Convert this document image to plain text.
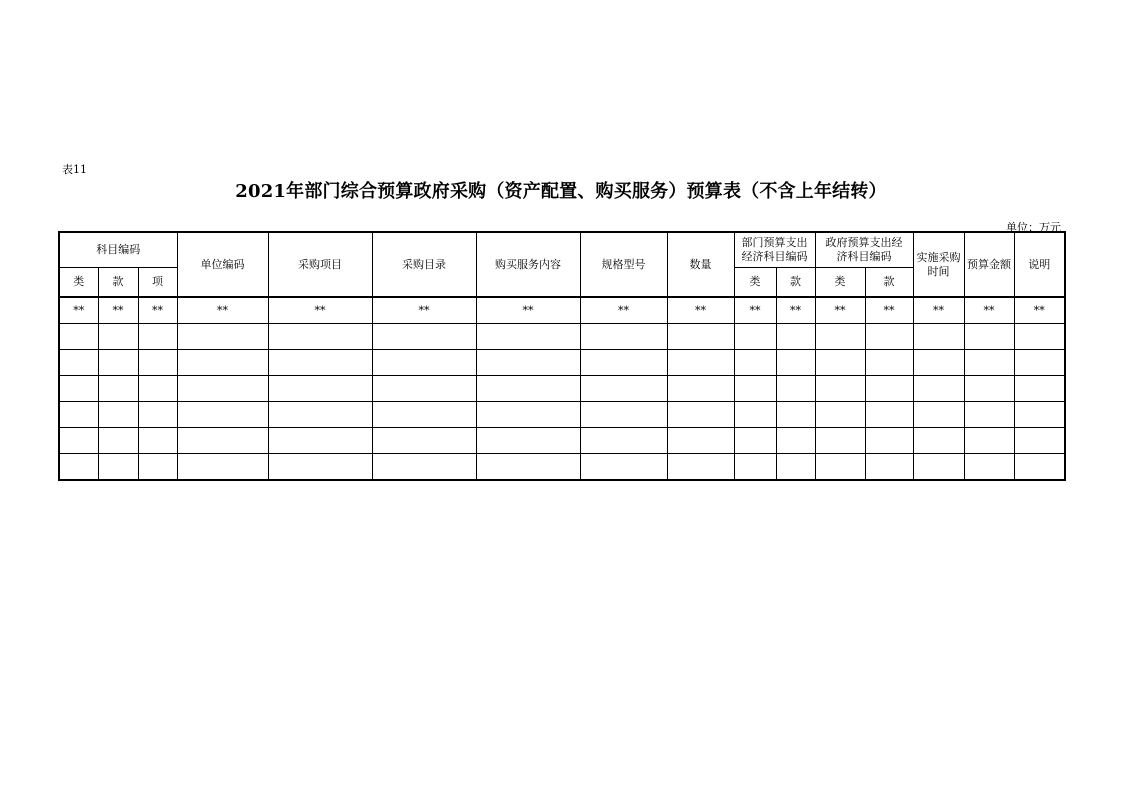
表11
2021年部门综合预算政府采购（资产配置、购买服务）预算表（不含上年结转）
单位：万元
科目编码			单位编码	采购项目	采购目录	购买服务内容	规格型号	数量	部门预算支出经济科目编码		政府预算支出经济科目编码		实施采购时间	预算金额	说明
类	款	项							类	款	类	款			
**	**	**	**	**	**	**	**	**	**	**	**	**	**	**	**
